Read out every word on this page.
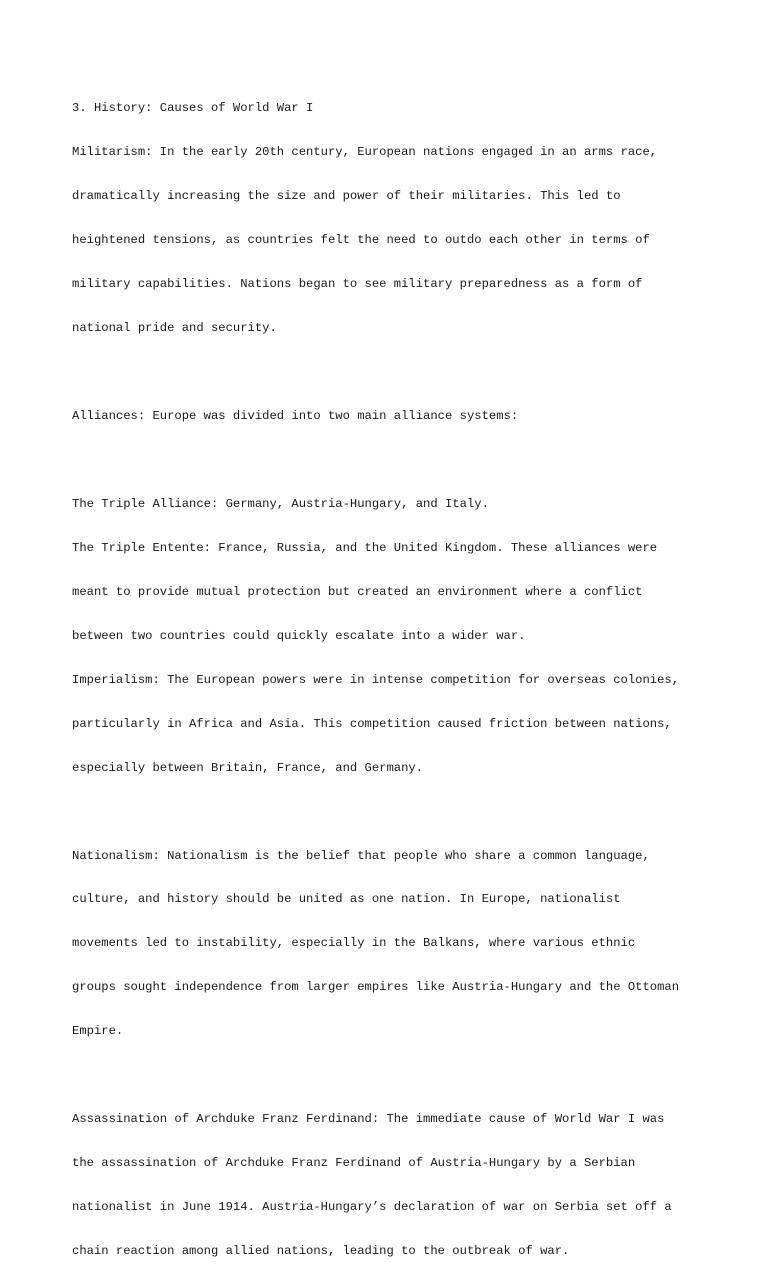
3. History: Causes of World War I

Militarism: In the early 20th century, European nations engaged in an arms race,

dramatically increasing the size and power of their militaries. This led to

heightened tensions, as countries felt the need to outdo each other in terms of

military capabilities. Nations began to see military preparedness as a form of

national pride and security.

Alliances: Europe was divided into two main alliance systems:

The Triple Alliance: Germany, Austria-Hungary, and Italy.

The Triple Entente: France, Russia, and the United Kingdom. These alliances were

meant to provide mutual protection but created an environment where a conflict

between two countries could quickly escalate into a wider war.

Imperialism: The European powers were in intense competition for overseas colonies,

particularly in Africa and Asia. This competition caused friction between nations,

especially between Britain, France, and Germany.

Nationalism: Nationalism is the belief that people who share a common language,

culture, and history should be united as one nation. In Europe, nationalist

movements led to instability, especially in the Balkans, where various ethnic

groups sought independence from larger empires like Austria-Hungary and the Ottoman

Empire.

Assassination of Archduke Franz Ferdinand: The immediate cause of World War I was

the assassination of Archduke Franz Ferdinand of Austria-Hungary by a Serbian

nationalist in June 1914. Austria-Hungary’s declaration of war on Serbia set off a

chain reaction among allied nations, leading to the outbreak of war.
